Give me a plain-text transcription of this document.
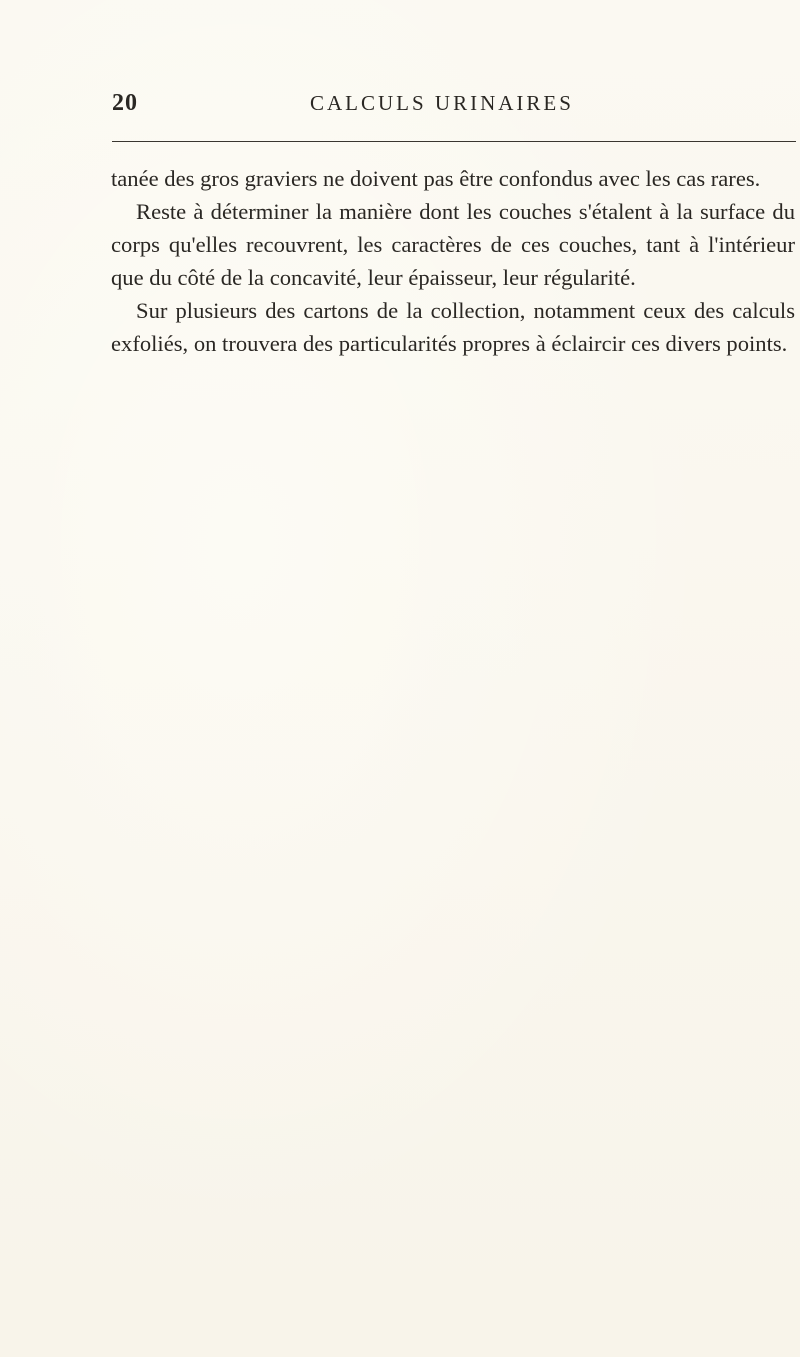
20	CALCULS URINAIRES

tanée des gros graviers ne doivent pas être confondus avec les cas rares.

Reste à déterminer la manière dont les couches s'étalent à la surface du corps qu'elles recouvrent, les caractères de ces couches, tant à l'intérieur que du côté de la concavité, leur épaisseur, leur régularité.

Sur plusieurs des cartons de la collection, notamment ceux des calculs exfoliés, on trouvera des particularités propres à éclaircir ces divers points.
